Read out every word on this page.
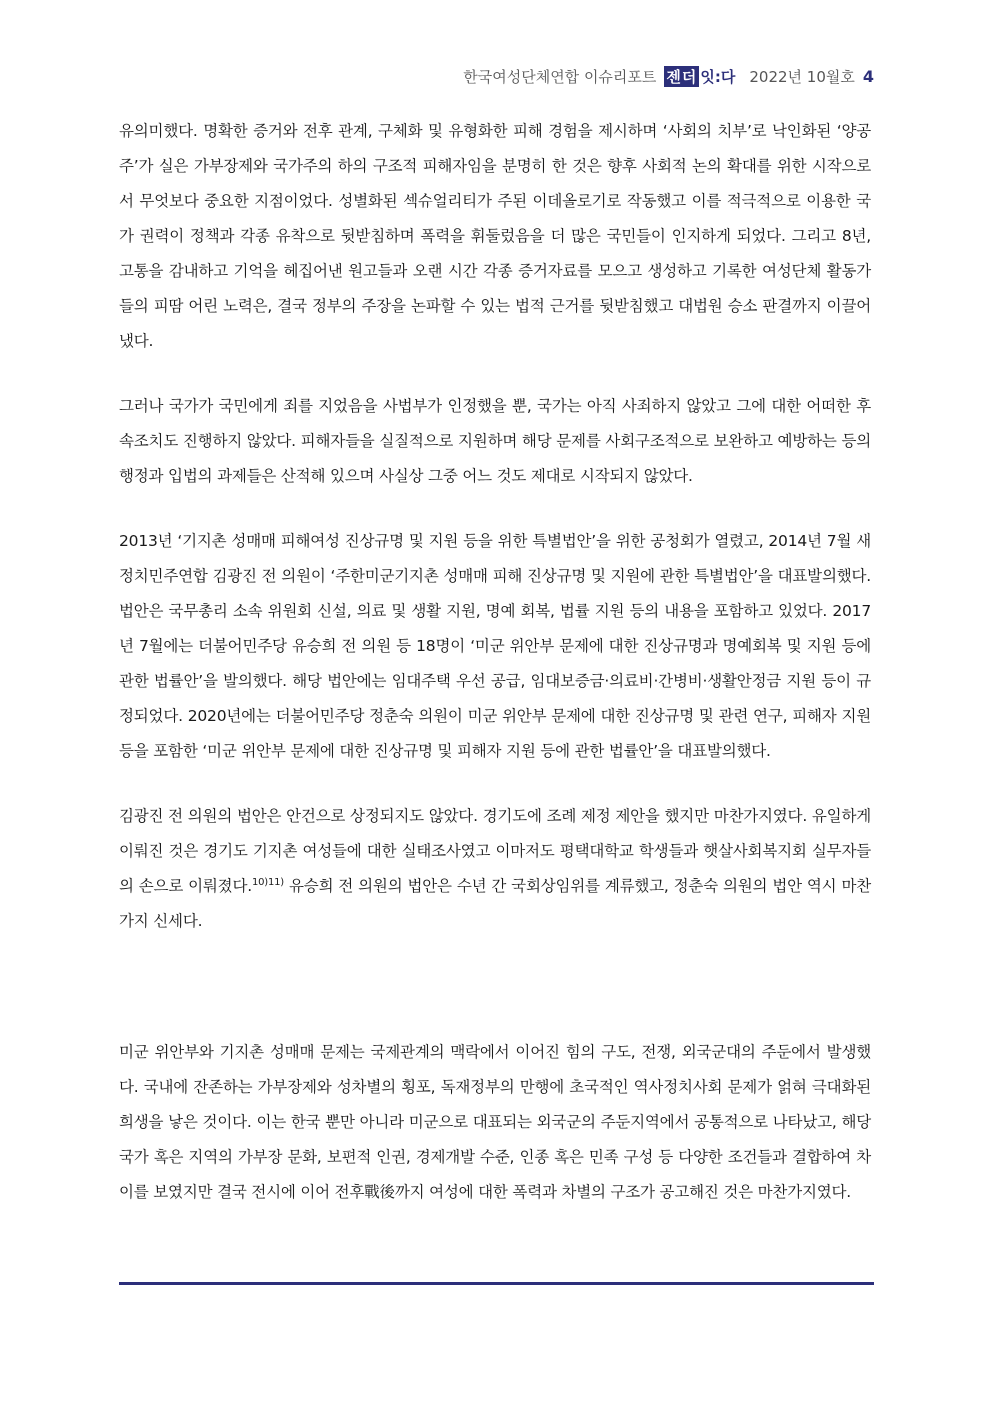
한국여성단체연합 이슈리포트 젠더 잇:다 2022년 10월호 4

유의미했다. 명확한 증거와 전후 관계, 구체화 및 유형화한 피해 경험을 제시하며 ‘사회의 치부’로 낙인화된 ‘양공주’가 실은 가부장제와 국가주의 하의 구조적 피해자임을 분명히 한 것은 향후 사회적 논의 확대를 위한 시작으로서 무엇보다 중요한 지점이었다. 성별화된 섹슈얼리티가 주된 이데올로기로 작동했고 이를 적극적으로 이용한 국가 권력이 정책과 각종 유착으로 뒷받침하며 폭력을 휘둘렀음을 더 많은 국민들이 인지하게 되었다. 그리고 8년, 고통을 감내하고 기억을 헤집어낸 원고들과 오랜 시간 각종 증거자료를 모으고 생성하고 기록한 여성단체 활동가들의 피땀 어린 노력은, 결국 정부의 주장을 논파할 수 있는 법적 근거를 뒷받침했고 대법원 승소 판결까지 이끌어냈다.

그러나 국가가 국민에게 죄를 지었음을 사법부가 인정했을 뿐, 국가는 아직 사죄하지 않았고 그에 대한 어떠한 후속조치도 진행하지 않았다. 피해자들을 실질적으로 지원하며 해당 문제를 사회구조적으로 보완하고 예방하는 등의 행정과 입법의 과제들은 산적해 있으며 사실상 그중 어느 것도 제대로 시작되지 않았다.

2013년 ‘기지촌 성매매 피해여성 진상규명 및 지원 등을 위한 특별법안’을 위한 공청회가 열렸고, 2014년 7월 새정치민주연합 김광진 전 의원이 ‘주한미군기지촌 성매매 피해 진상규명 및 지원에 관한 특별법안’을 대표발의했다. 법안은 국무총리 소속 위원회 신설, 의료 및 생활 지원, 명예 회복, 법률 지원 등의 내용을 포함하고 있었다. 2017년 7월에는 더불어민주당 유승희 전 의원 등 18명이 ‘미군 위안부 문제에 대한 진상규명과 명예회복 및 지원 등에 관한 법률안’을 발의했다. 해당 법안에는 임대주택 우선 공급, 임대보증금·의료비·간병비·생활안정금 지원 등이 규정되었다. 2020년에는 더불어민주당 정춘숙 의원이 미군 위안부 문제에 대한 진상규명 및 관련 연구, 피해자 지원 등을 포함한 ‘미군 위안부 문제에 대한 진상규명 및 피해자 지원 등에 관한 법률안’을 대표발의했다.

김광진 전 의원의 법안은 안건으로 상정되지도 않았다. 경기도에 조례 제정 제안을 했지만 마찬가지였다. 유일하게 이뤄진 것은 경기도 기지촌 여성들에 대한 실태조사였고 이마저도 평택대학교 학생들과 햇살사회복지회 실무자들의 손으로 이뤄졌다.$^{10)11)}$ 유승희 전 의원의 법안은 수년 간 국회상임위를 계류했고, 정춘숙 의원의 법안 역시 마찬가지 신세다.

미군 위안부와 기지촌 성매매 문제는 국제관계의 맥락에서 이어진 힘의 구도, 전쟁, 외국군대의 주둔에서 발생했다. 국내에 잔존하는 가부장제와 성차별의 횡포, 독재정부의 만행에 초국적인 역사정치사회 문제가 얽혀 극대화된 희생을 낳은 것이다. 이는 한국 뿐만 아니라 미군으로 대표되는 외국군의 주둔지역에서 공통적으로 나타났고, 해당 국가 혹은 지역의 가부장 문화, 보편적 인권, 경제개발 수준, 인종 혹은 민족 구성 등 다양한 조건들과 결합하여 차이를 보였지만 결국 전시에 이어 전후戰後까지 여성에 대한 폭력과 차별의 구조가 공고해진 것은 마찬가지였다.
